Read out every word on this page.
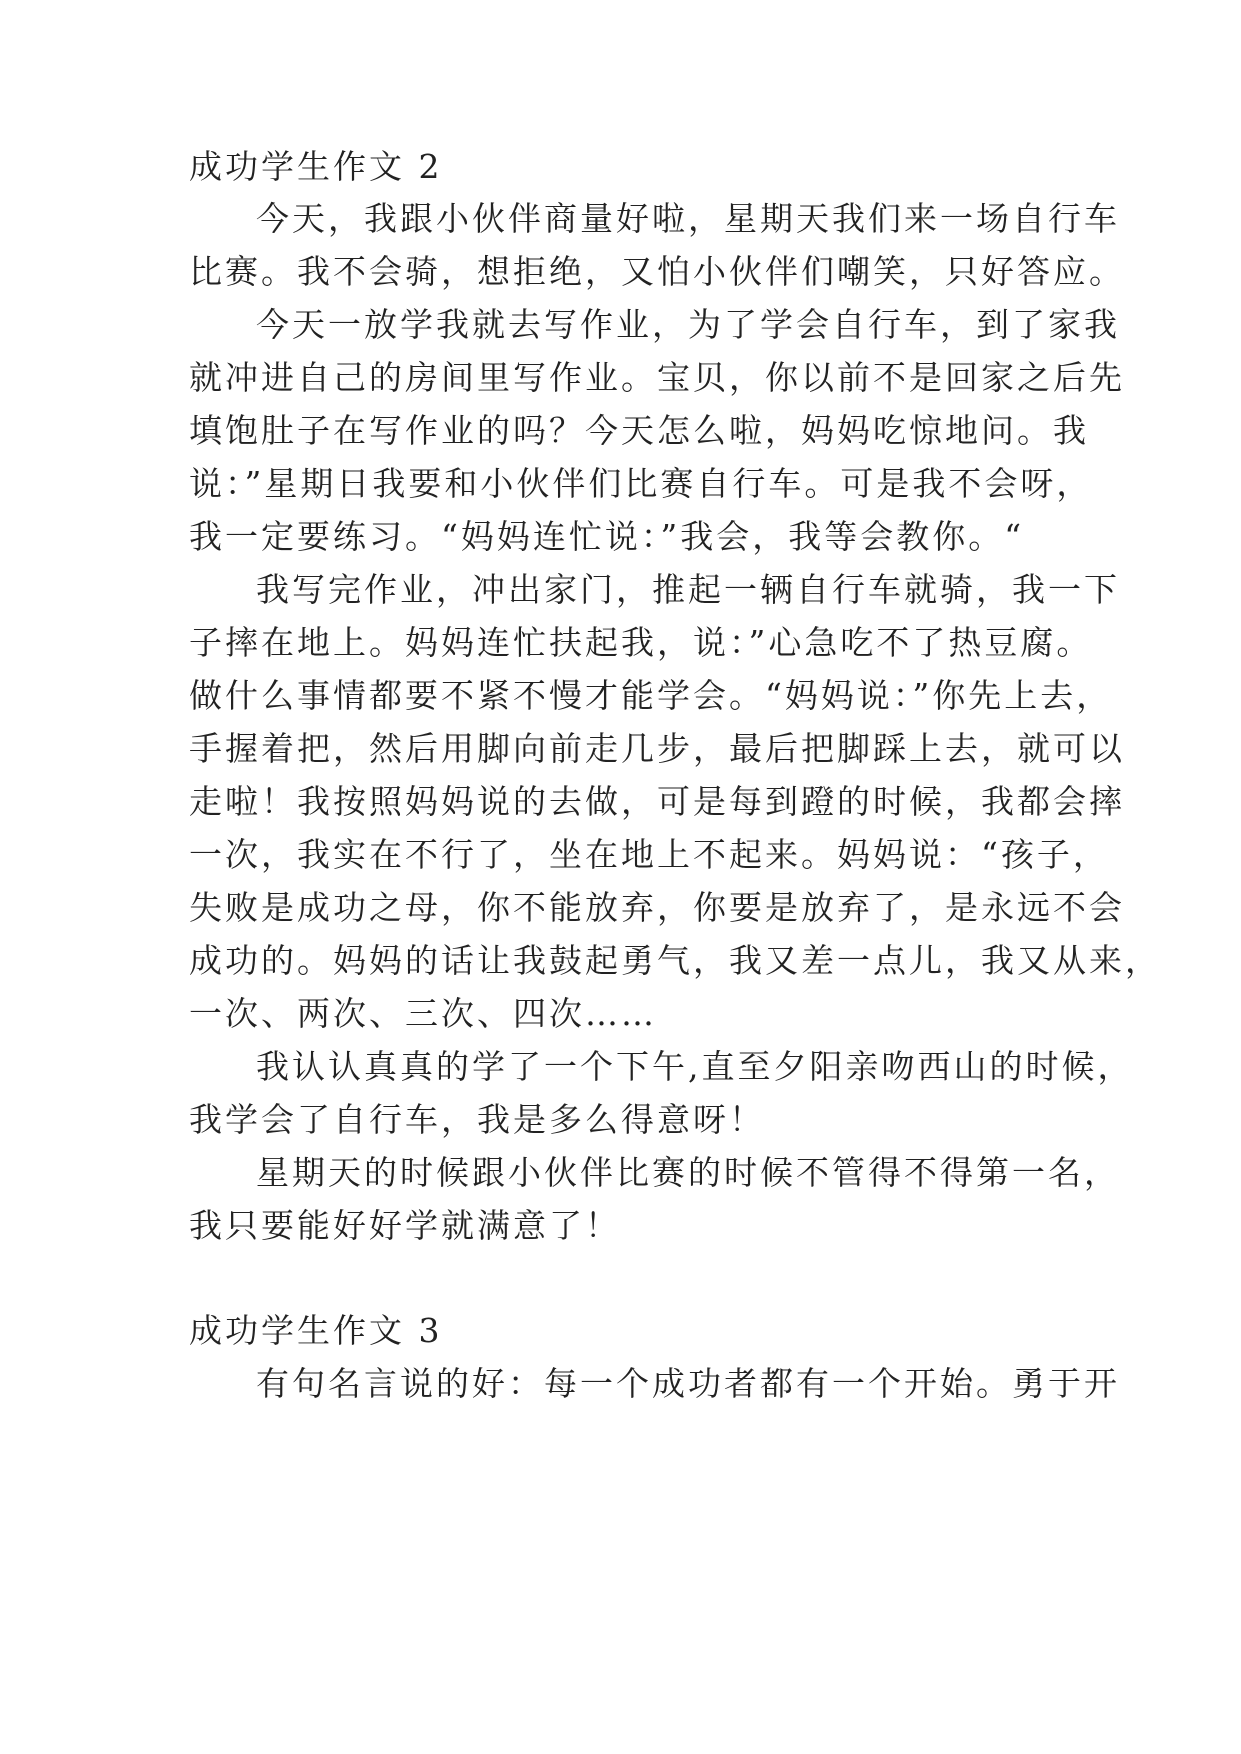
成功学生作文 2
今天，我跟小伙伴商量好啦，星期天我们来一场自行车
比赛。我不会骑，想拒绝，又怕小伙伴们嘲笑，只好答应。
今天一放学我就去写作业，为了学会自行车，到了家我
就冲进自己的房间里写作业。宝贝，你以前不是回家之后先
填饱肚子在写作业的吗？今天怎么啦，妈妈吃惊地问。我
说：”星期日我要和小伙伴们比赛自行车。可是我不会呀，
我一定要练习。“妈妈连忙说：”我会，我等会教你。“
我写完作业，冲出家门，推起一辆自行车就骑，我一下
子摔在地上。妈妈连忙扶起我，说：”心急吃不了热豆腐。
做什么事情都要不紧不慢才能学会。“妈妈说：”你先上去，
手握着把，然后用脚向前走几步，最后把脚踩上去，就可以
走啦！我按照妈妈说的去做，可是每到蹬的时候，我都会摔
一次，我实在不行了，坐在地上不起来。妈妈说：“孩子，
失败是成功之母，你不能放弃，你要是放弃了，是永远不会
成功的。妈妈的话让我鼓起勇气，我又差一点儿，我又从来，
一次、两次、三次、四次……
我认认真真的学了一个下午,直至夕阳亲吻西山的时候，
我学会了自行车，我是多么得意呀！
星期天的时候跟小伙伴比赛的时候不管得不得第一名，
我只要能好好学就满意了！
成功学生作文 3
有句名言说的好：每一个成功者都有一个开始。勇于开
